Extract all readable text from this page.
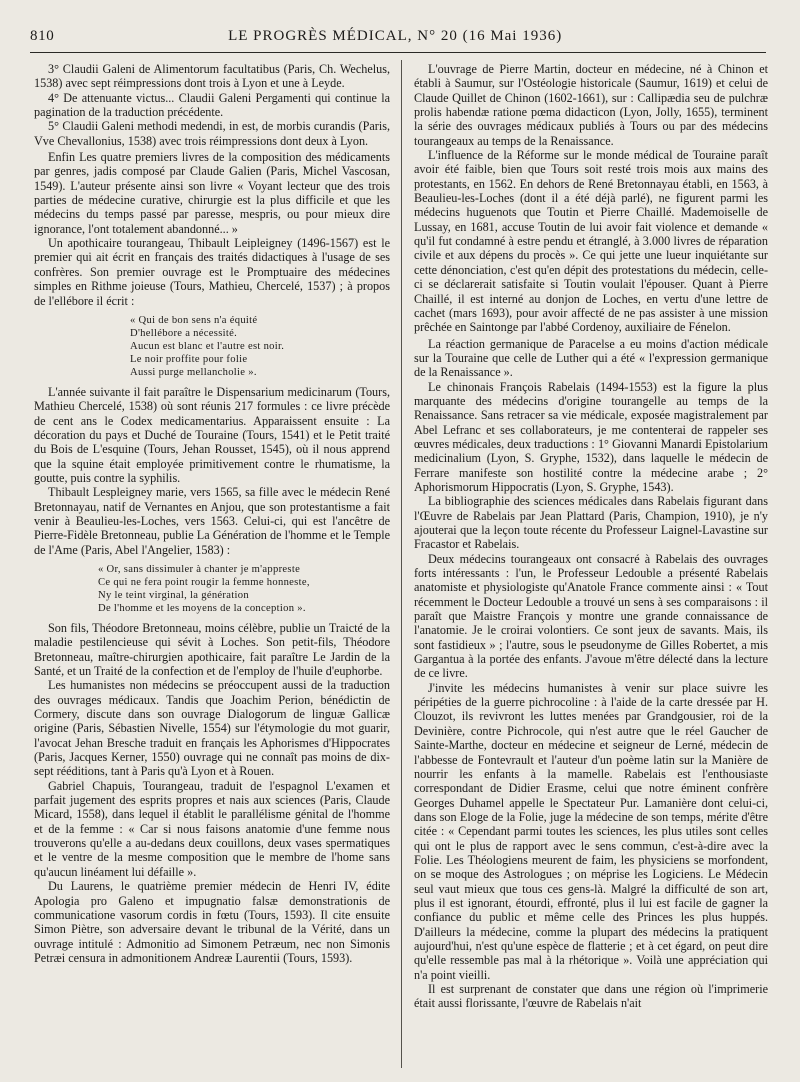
810	LE PROGRÈS MÉDICAL, N° 20 (16 Mai 1936)

3° Claudii Galeni de Alimentorum facultatibus (Paris, Ch. Wechelus, 1538) avec sept réimpressions dont trois à Lyon et une à Leyde.

4° De attenuante victus... Claudii Galeni Pergamenti qui continue la pagination de la traduction précédente.

5° Claudii Galeni methodi medendi, in est, de morbis curandis (Paris, Vve Chevallonius, 1538) avec trois réimpressions dont deux à Lyon.

Enfin Les quatre premiers livres de la composition des médicaments par genres, jadis composé par Claude Galien (Paris, Michel Vascosan, 1549). L'auteur présente ainsi son livre « Voyant lecteur que des trois parties de médecine curative, chirurgie est la plus difficile et que les médecins du temps passé par paresse, mespris, ou pour mieux dire ignorance, l'ont totalement abandonné... »

Un apothicaire tourangeau, Thibault Leipleigney (1496-1567) est le premier qui ait écrit en français des traités didactiques à l'usage de ses confrères. Son premier ouvrage est le Promptuaire des médecines simples en Rithme joieuse (Tours, Mathieu, Chercelé, 1537) ; à propos de l'ellébore il écrit :

« Qui de bon sens n'a équité
D'hellébore a nécessité.
Aucun est blanc et l'autre est noir.
Le noir proffite pour folie
Aussi purge mellancholie ».

L'année suivante il fait paraître le Dispensarium medicinarum (Tours, Mathieu Chercelé, 1538) où sont réunis 217 formules : ce livre précède de cent ans le Codex medicamentarius. Apparaissent ensuite : La décoration du pays et Duché de Touraine (Tours, 1541) et le Petit traité du Bois de L'esquine (Tours, Jehan Rousset, 1545), où il nous apprend que la squine était employée primitivement contre le rhumatisme, la goutte, puis contre la syphilis.

Thibault Lespleigney marie, vers 1565, sa fille avec le médecin René Bretonnayau, natif de Vernantes en Anjou, que son protestantisme a fait venir à Beaulieu-les-Loches, vers 1563. Celui-ci, qui est l'ancêtre de Pierre-Fidèle Bretonneau, publie La Génération de l'homme et le Temple de l'Ame (Paris, Abel l'Angelier, 1583) :

« Or, sans dissimuler à chanter je m'appreste
Ce qui ne fera point rougir la femme honneste,
Ny le teint virginal, la génération
De l'homme et les moyens de la conception ».

Son fils, Théodore Bretonneau, moins célèbre, publie un Traicté de la maladie pestilencieuse qui sévit à Loches. Son petit-fils, Théodore Bretonneau, maître-chirurgien apothicaire, fait paraître Le Jardin de la Santé, et un Traité de la confection et de l'employ de l'huile d'euphorbe.

Les humanistes non médecins se préoccupent aussi de la traduction des ouvrages médicaux. Tandis que Joachim Perion, bénédictin de Cormery, discute dans son ouvrage Dialogorum de linguæ Gallicæ origine (Paris, Sébastien Nivelle, 1554) sur l'étymologie du mot guarir, l'avocat Jehan Bresche traduit en français les Aphorismes d'Hippocrates (Paris, Jacques Kerner, 1550) ouvrage qui ne connaît pas moins de dix-sept rééditions, tant à Paris qu'à Lyon et à Rouen.

Gabriel Chapuis, Tourangeau, traduit de l'espagnol L'examen et parfait jugement des esprits propres et nais aux sciences (Paris, Claude Micard, 1558), dans lequel il établit le parallélisme génital de l'homme et de la femme : « Car si nous faisons anatomie d'une femme nous trouverons qu'elle a au-dedans deux couillons, deux vases spermatiques et le ventre de la mesme composition que le membre de l'home sans qu'aucun linéament lui défaille ».

Du Laurens, le quatrième premier médecin de Henri IV, édite Apologia pro Galeno et impugnatio falsæ demonstrationis de communicatione vasorum cordis in fœtu (Tours, 1593). Il cite ensuite Simon Piètre, son adversaire devant le tribunal de la Vérité, dans un ouvrage intitulé : Admonitio ad Simonem Petræum, nec non Simonis Petræi censura in admonitionem Andreæ Laurentii (Tours, 1593).

L'ouvrage de Pierre Martin, docteur en médecine, né à Chinon et établi à Saumur, sur l'Ostéologie historicale (Saumur, 1619) et celui de Claude Quillet de Chinon (1602-1661), sur : Callipædia seu de pulchræ prolis habendæ ratione pœma didacticon (Lyon, Jolly, 1655), terminent la série des ouvrages médicaux publiés à Tours ou par des médecins tourangeaux au temps de la Renaissance.

L'influence de la Réforme sur le monde médical de Touraine paraît avoir été faible, bien que Tours soit resté trois mois aux mains des protestants, en 1562. En dehors de René Bretonnayau établi, en 1563, à Beaulieu-les-Loches (dont il a été déjà parlé), ne figurent parmi les médecins huguenots que Toutin et Pierre Chaillé. Mademoiselle de Lussay, en 1681, accuse Toutin de lui avoir fait violence et demande « qu'il fut condamné à estre pendu et étranglé, à 3.000 livres de réparation civile et aux dépens du procès ». Ce qui jette une lueur inquiétante sur cette dénonciation, c'est qu'en dépit des protestations du médecin, celle-ci se déclarerait satisfaite si Toutin voulait l'épouser. Quant à Pierre Chaillé, il est interné au donjon de Loches, en vertu d'une lettre de cachet (mars 1693), pour avoir affecté de ne pas assister à une mission prêchée en Saintonge par l'abbé Cordenoy, auxiliaire de Fénelon.

La réaction germanique de Paracelse a eu moins d'action médicale sur la Touraine que celle de Luther qui a été « l'expression germanique de la Renaissance ».

Le chinonais François Rabelais (1494-1553) est la figure la plus marquante des médecins d'origine tourangelle au temps de la Renaissance. Sans retracer sa vie médicale, exposée magistralement par Abel Lefranc et ses collaborateurs, je me contenterai de rappeler ses œuvres médicales, deux traductions : 1° Giovanni Manardi Epistolarium medicinalium (Lyon, S. Gryphe, 1532), dans laquelle le médecin de Ferrare manifeste son hostilité contre la médecine arabe ; 2° Aphorismorum Hippocratis (Lyon, S. Gryphe, 1543).

La bibliographie des sciences médicales dans Rabelais figurant dans l'Œuvre de Rabelais par Jean Plattard (Paris, Champion, 1910), je n'y ajouterai que la leçon toute récente du Professeur Laignel-Lavastine sur Fracastor et Rabelais.

Deux médecins tourangeaux ont consacré à Rabelais des ouvrages forts intéressants : l'un, le Professeur Ledouble a présenté Rabelais anatomiste et physiologiste qu'Anatole France commente ainsi : « Tout récemment le Docteur Ledouble a trouvé un sens à ses comparaisons : il paraît que Maistre François y montre une grande connaissance de l'anatomie. Je le croirai volontiers. Ce sont jeux de savants. Mais, ils sont fastidieux » ; l'autre, sous le pseudonyme de Gilles Robertet, a mis Gargantua à la portée des enfants. J'avoue m'être délecté dans la lecture de ce livre.

J'invite les médecins humanistes à venir sur place suivre les péripéties de la guerre pichrocoline : à l'aide de la carte dressée par H. Clouzot, ils revivront les luttes menées par Grandgousier, roi de la Devinière, contre Pichrocole, qui n'est autre que le réel Gaucher de Sainte-Marthe, docteur en médecine et seigneur de Lerné, médecin de l'abbesse de Fontevrault et l'auteur d'un poème latin sur la Manière de nourrir les enfants à la mamelle. Rabelais est l'enthousiaste correspondant de Didier Erasme, celui que notre éminent confrère Georges Duhamel appelle le Spectateur Pur. Lamanière dont celui-ci, dans son Eloge de la Folie, juge la médecine de son temps, mérite d'être citée : « Cependant parmi toutes les sciences, les plus utiles sont celles qui ont le plus de rapport avec le sens commun, c'est-à-dire avec la Folie. Les Théologiens meurent de faim, les physiciens se morfondent, on se moque des Astrologues ; on méprise les Logiciens. Le Médecin seul vaut mieux que tous ces gens-là. Malgré la difficulté de son art, plus il est ignorant, étourdi, effronté, plus il lui est facile de gagner la confiance du public et même celle des Princes les plus huppés. D'ailleurs la médecine, comme la plupart des médecins la pratiquent aujourd'hui, n'est qu'une espèce de flatterie ; et à cet égard, on peut dire qu'elle ressemble pas mal à la rhétorique ». Voilà une appréciation qui n'a point vieilli.

Il est surprenant de constater que dans une région où l'imprimerie était aussi florissante, l'œuvre de Rabelais n'ait
